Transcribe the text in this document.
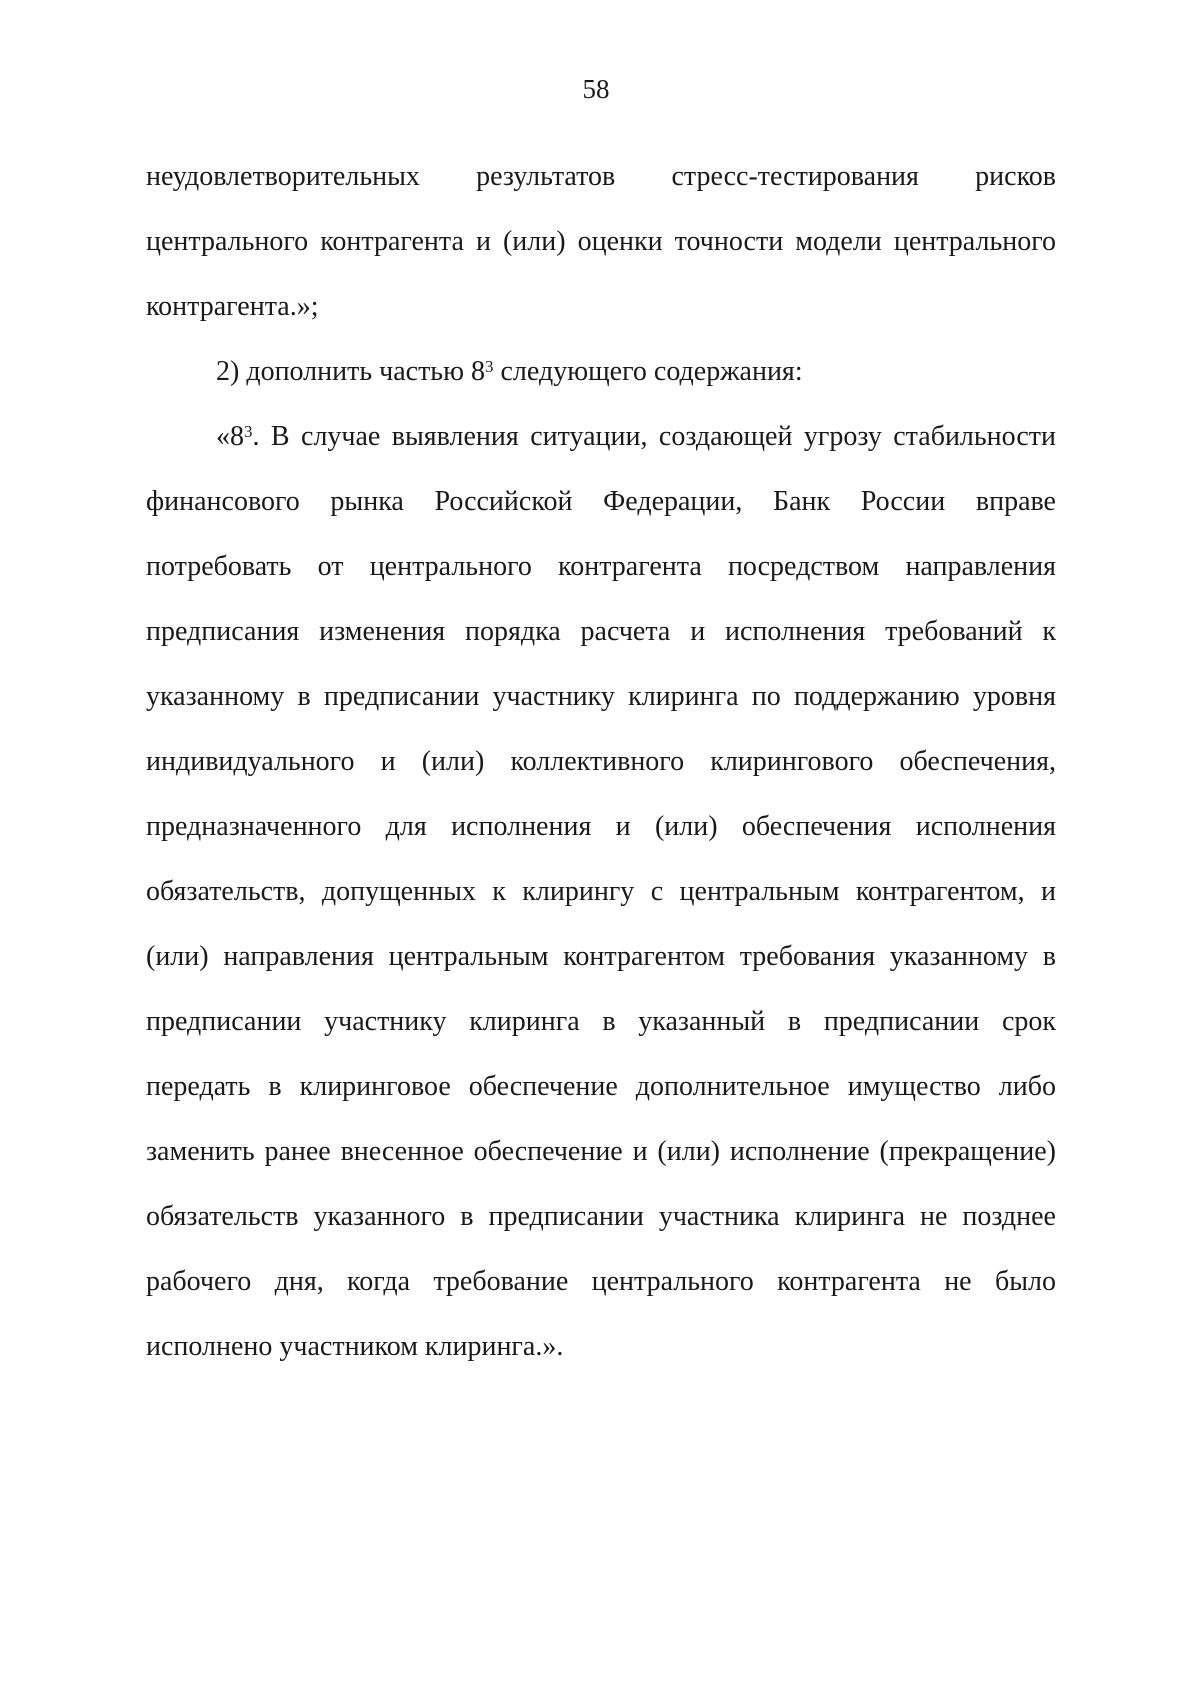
58
неудовлетворительных результатов стресс-тестирования рисков
центрального контрагента и (или) оценки точности модели центрального
контрагента.»;
2) дополнить частью $8^3$ следующего содержания:
«$8^3$. В случае выявления ситуации, создающей угрозу стабильности
финансового рынка Российской Федерации, Банк России вправе
потребовать от центрального контрагента посредством направления
предписания изменения порядка расчета и исполнения требований к
указанному в предписании участнику клиринга по поддержанию уровня
индивидуального и (или) коллективного клирингового обеспечения,
предназначенного для исполнения и (или) обеспечения исполнения
обязательств, допущенных к клирингу с центральным контрагентом, и
(или) направления центральным контрагентом требования указанному в
предписании участнику клиринга в указанный в предписании срок
передать в клиринговое обеспечение дополнительное имущество либо
заменить ранее внесенное обеспечение и (или) исполнение (прекращение)
обязательств указанного в предписании участника клиринга не позднее
рабочего дня, когда требование центрального контрагента не было
исполнено участником клиринга.».
